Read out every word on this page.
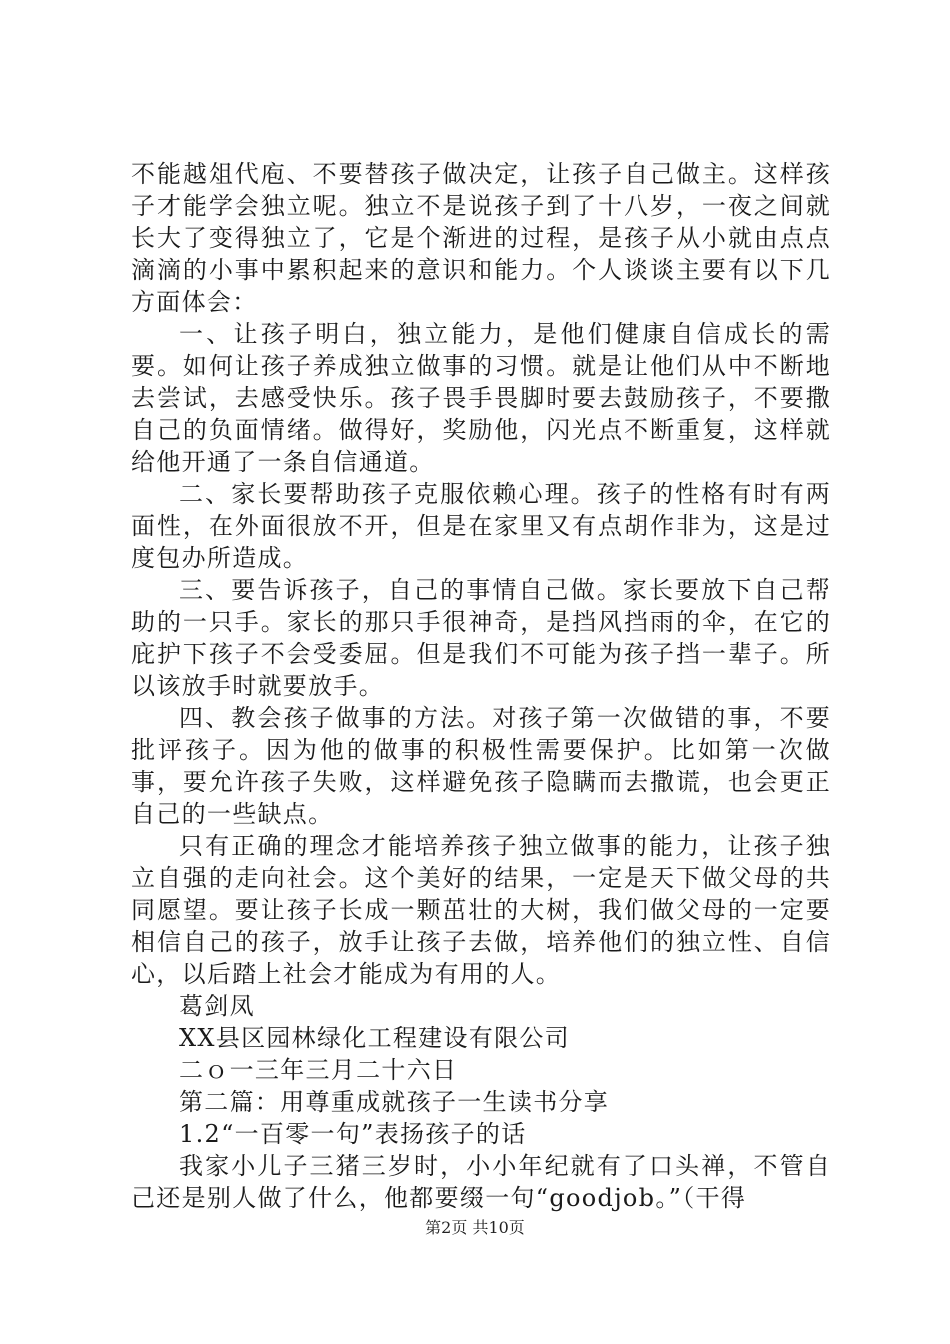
不能越俎代庖、不要替孩子做决定，让孩子自己做主。这样孩子才能学会独立呢。独立不是说孩子到了十八岁，一夜之间就长大了变得独立了，它是个渐进的过程，是孩子从小就由点点滴滴的小事中累积起来的意识和能力。个人谈谈主要有以下几方面体会：

一、让孩子明白，独立能力，是他们健康自信成长的需要。如何让孩子养成独立做事的习惯。就是让他们从中不断地去尝试，去感受快乐。孩子畏手畏脚时要去鼓励孩子，不要撒自己的负面情绪。做得好，奖励他，闪光点不断重复，这样就给他开通了一条自信通道。

二、家长要帮助孩子克服依赖心理。孩子的性格有时有两面性，在外面很放不开，但是在家里又有点胡作非为，这是过度包办所造成。

三、要告诉孩子，自己的事情自己做。家长要放下自己帮助的一只手。家长的那只手很神奇，是挡风挡雨的伞，在它的庇护下孩子不会受委屈。但是我们不可能为孩子挡一辈子。所以该放手时就要放手。

四、教会孩子做事的方法。对孩子第一次做错的事，不要批评孩子。因为他的做事的积极性需要保护。比如第一次做事，要允许孩子失败，这样避免孩子隐瞒而去撒谎，也会更正自己的一些缺点。

只有正确的理念才能培养孩子独立做事的能力，让孩子独立自强的走向社会。这个美好的结果，一定是天下做父母的共同愿望。要让孩子长成一颗茁壮的大树，我们做父母的一定要相信自己的孩子，放手让孩子去做，培养他们的独立性、自信心，以后踏上社会才能成为有用的人。

葛剑凤

XX县区园林绿化工程建设有限公司

二ｏ一三年三月二十六日

第二篇：用尊重成就孩子一生读书分享

1.2“一百零一句”表扬孩子的话

我家小儿子三猪三岁时，小小年纪就有了口头禅，不管自己还是别人做了什么，他都要缀一句“goodjob。”（干得

第2页 共10页
